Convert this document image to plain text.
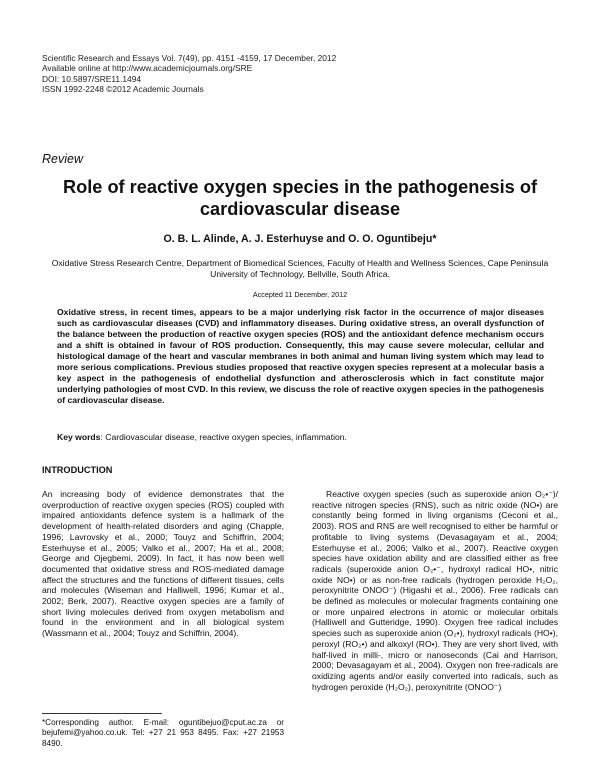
Scientific Research and Essays Vol. 7(49), pp. 4151 -4159, 17 December, 2012
Available online at http://www.academicjournals.org/SRE
DOI: 10.5897/SRE11.1494
ISSN 1992-2248 ©2012 Academic Journals
Review
Role of reactive oxygen species in the pathogenesis of cardiovascular disease
O. B. L. Alinde, A. J. Esterhuyse and O. O. Oguntibeju*
Oxidative Stress Research Centre, Department of Biomedical Sciences, Faculty of Health and Wellness Sciences, Cape Peninsula University of Technology, Bellville, South Africa.
Accepted 11 December, 2012
Oxidative stress, in recent times, appears to be a major underlying risk factor in the occurrence of major diseases such as cardiovascular diseases (CVD) and inflammatory diseases. During oxidative stress, an overall dysfunction of the balance between the production of reactive oxygen species (ROS) and the antioxidant defence mechanism occurs and a shift is obtained in favour of ROS production. Consequently, this may cause severe molecular, cellular and histological damage of the heart and vascular membranes in both animal and human living system which may lead to more serious complications. Previous studies proposed that reactive oxygen species represent at a molecular basis a key aspect in the pathogenesis of endothelial dysfunction and atherosclerosis which in fact constitute major underlying pathologies of most CVD. In this review, we discuss the role of reactive oxygen species in the pathogenesis of cardiovascular disease.
Key words: Cardiovascular disease, reactive oxygen species, inflammation.
INTRODUCTION

An increasing body of evidence demonstrates that the overproduction of reactive oxygen species (ROS) coupled with impaired antioxidants defence system is a hallmark of the development of health-related disorders and aging (Chapple, 1996; Lavrovsky et al., 2000; Touyz and Schiffrin, 2004; Esterhuyse et al., 2005; Valko et al., 2007; Ha et al., 2008; George and Ojegbemi, 2009). In fact, it has now been well documented that oxidative stress and ROS-mediated damage affect the structures and the functions of different tissues, cells and molecules (Wiseman and Halliwell, 1996; Kumar et al., 2002; Berk, 2007). Reactive oxygen species are a family of short living molecules derived from oxygen metabolism and found in the environment and in all biological system (Wassmann et al., 2004; Touyz and Schiffrin, 2004).

Reactive oxygen species (such as superoxide anion O₂•⁻)/ reactive nitrogen species (RNS), such as nitric oxide (NO•) are constantly being formed in living organisms (Ceconi et al., 2003). ROS and RNS are well recognised to either be harmful or profitable to living systems (Devasagayam et al., 2004; Esterhuyse et al., 2006; Valko et al., 2007). Reactive oxygen species have oxidation ability and are classified either as free radicals (superoxide anion O₂•⁻, hydroxyl radical HO•, nitric oxide NO•) or as non-free radicals (hydrogen peroxide H₂O₂, peroxynitrite ONOO⁻) (Higashi et al., 2006). Free radicals can be defined as molecules or molecular fragments containing one or more unpaired electrons in atomic or molecular orbitals (Halliwell and Gutteridge, 1990). Oxygen free radical includes species such as superoxide anion (O₂•), hydroxyl radicals (HO•), peroxyl (RO₂•) and alkoxyl (RO•). They are very short lived, with half-lived in milli-, micro or nanoseconds (Cai and Harrison, 2000; Devasagayam et al., 2004). Oxygen non free-radicals are oxidizing agents and/or easily converted into radicals, such as hydrogen peroxide (H₂O₂), peroxynitrite (ONOO⁻)

*Corresponding author. E-mail: oguntibejuo@cput.ac.za or bejufemi@yahoo.co.uk. Tel: +27 21 953 8495. Fax: +27 21953 8490.
